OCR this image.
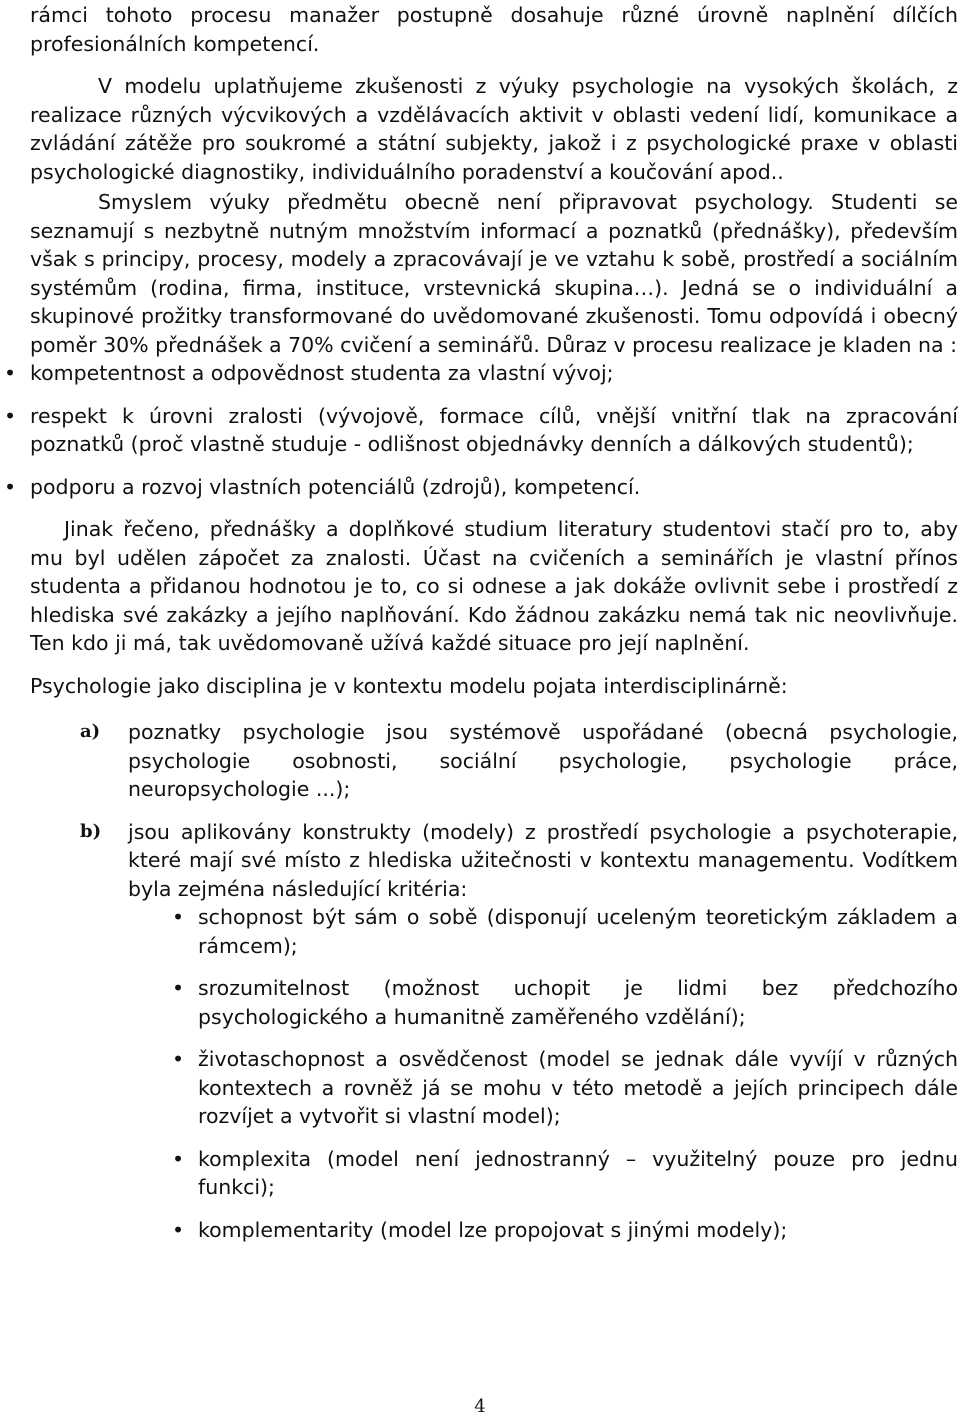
rámci tohoto procesu manažer postupně dosahuje různé úrovně naplnění dílčích profesionálních kompetencí.

V modelu uplatňujeme zkušenosti z výuky psychologie na vysokých školách, z realizace různých výcvikových a vzdělávacích aktivit v oblasti vedení lidí, komunikace a zvládání zátěže pro soukromé a státní subjekty, jakož i z psychologické praxe v oblasti psychologické diagnostiky, individuálního poradenství a koučování apod..

Smyslem výuky předmětu obecně není připravovat psychology. Studenti se seznamují s nezbytně nutným množstvím informací a poznatků (přednášky), především však s principy, procesy, modely a zpracovávají je ve vztahu k sobě, prostředí a sociálním systémům (rodina, firma, instituce, vrstevnická skupina…). Jedná se o individuální a skupinové prožitky transformované do uvědomované zkušenosti. Tomu odpovídá i obecný poměr 30% přednášek a 70% cvičení a seminářů. Důraz v procesu realizace je kladen na :

• kompetentnost a odpovědnost studenta za vlastní vývoj;
• respekt k úrovni zralosti (vývojově, formace cílů, vnější vnitřní tlak na zpracování poznatků (proč vlastně studuje - odlišnost objednávky denních a dálkových studentů);
• podporu a rozvoj vlastních potenciálů (zdrojů), kompetencí.

Jinak řečeno, přednášky a doplňkové studium literatury studentovi stačí pro to, aby mu byl udělen zápočet za znalosti. Účast na cvičeních a seminářích je vlastní přínos studenta a přidanou hodnotou je to, co si odnese a jak dokáže ovlivnit sebe i prostředí z hlediska své zakázky a jejího naplňování. Kdo žádnou zakázku nemá tak nic neovlivňuje. Ten kdo ji má, tak uvědomovaně užívá každé situace pro její naplnění.

Psychologie jako disciplina je v kontextu modelu pojata interdisciplinárně:

a) poznatky psychologie jsou systémově uspořádané (obecná psychologie, psychologie osobnosti, sociální psychologie, psychologie práce, neuropsychologie ...);
b) jsou aplikovány konstrukty (modely) z prostředí psychologie a psychoterapie, které mají své místo z hlediska užitečnosti v kontextu managementu. Vodítkem byla zejména následující kritéria:
• schopnost být sám o sobě (disponují uceleným teoretickým základem a rámcem);
• srozumitelnost (možnost uchopit je lidmi bez předchozího psychologického a humanitně zaměřeného vzdělání);
• životaschopnost a osvědčenost (model se jednak dále vyvíjí v různých kontextech a rovněž já se mohu v této metodě a jejích principech dále rozvíjet a vytvořit si vlastní model);
• komplexita (model není jednostranný – využitelný pouze pro jednu funkci);
• komplementarity (model lze propojovat s jinými modely);
4
